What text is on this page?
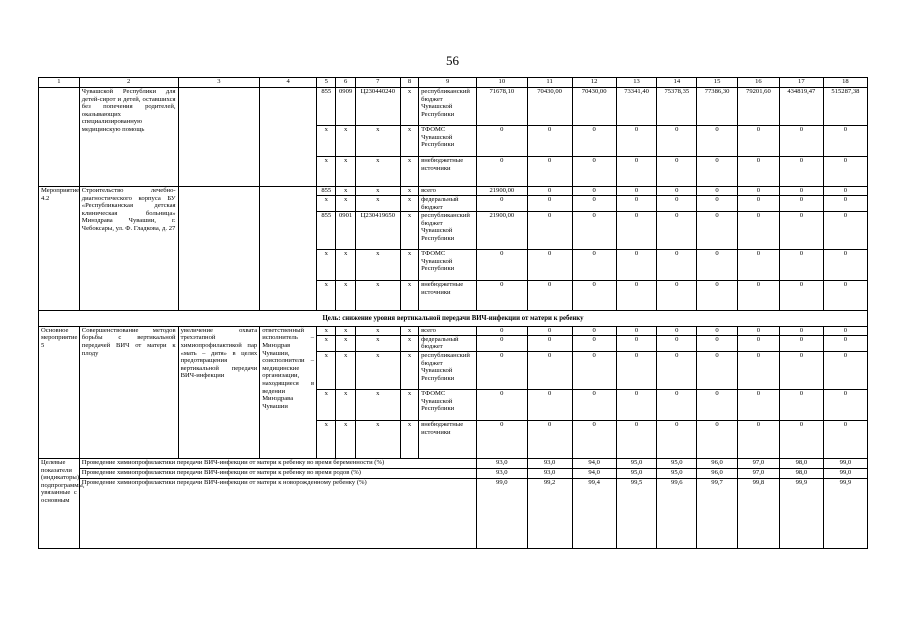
56
1	2	3	4	5	6	7	8	9	10	11	12	13	14	15	16	17	18
	Чувашской Республики для детей-сирот и детей, оставшихся без попечения родителей, оказывающих специализированную медицинскую помощь			855	0909	Ц230440240	x	республиканский бюджет Чувашской Республики	71678,10	70430,00	70430,00	73341,40	75378,35	77386,30	79201,60	434819,47	515287,38
				x	x	x	x	ТФОМС Чувашской Республики	0	0	0	0	0	0	0	0	0
				x	x	x	x	внебюджетные источники	0	0	0	0	0	0	0	0	0
Мероприятие 4.2	Строительство лечебно-диагностического корпуса БУ «Республиканская детская клиническая больница» Минздрава Чувашии, г. Чебоксары, ул. Ф. Гладкова, д. 27			855	x	x	x	всего	21900,00	0	0	0	0	0	0	0	0
				x	x	x	x	федеральный бюджет	0	0	0	0	0	0	0	0	0
				855	0901	Ц230419650	x	республиканский бюджет Чувашской Республики	21900,00	0	0	0	0	0	0	0	0
				x	x	x	x	ТФОМС Чувашской Республики	0	0	0	0	0	0	0	0	0
				x	x	x	x	внебюджетные источники	0	0	0	0	0	0	0	0	0
Цель: снижение уровня вертикальной передачи ВИЧ-инфекции от матери к ребенку																	
Основное мероприятие 5	Совершенствование методов борьбы с вертикальной передачей ВИЧ от матери к плоду	увеличение охвата трехэтапной химиопрофилактикой пар «мать – дитя» в целях предотвращения вертикальной передачи ВИЧ-инфекции	ответственный исполнитель – Минздрав Чувашии, соисполнители – медицинские организации, находящиеся в ведении Минздрава Чувашии	x	x	x	x	всего	0	0	0	0	0	0	0	0	0
				x	x	x	x	федеральный бюджет	0	0	0	0	0	0	0	0	0
				x	x	x	x	республиканский бюджет Чувашской Республики	0	0	0	0	0	0	0	0	0
				x	x	x	x	ТФОМС Чувашской Республики	0	0	0	0	0	0	0	0	0
				x	x	x	x	внебюджетные источники	0	0	0	0	0	0	0	0	0
Целевые показатели (индикаторы) подпрограммы, увязанные с основным	Проведение химиопрофилактики передачи ВИЧ-инфекции от матери к ребенку во время беременности (%)								93,0	93,0	94,0	95,0	95,0	96,0	97,0	98,0	99,0
	Проведение химиопрофилактики передачи ВИЧ-инфекции от матери к ребенку во время родов (%)								93,0	93,0	94,0	95,0	95,0	96,0	97,0	98,0	99,0
	Проведение химиопрофилактики передачи ВИЧ-инфекции от матери к новорожденному ребенку (%)								99,0	99,2	99,4	99,5	99,6	99,7	99,8	99,9	99,9
